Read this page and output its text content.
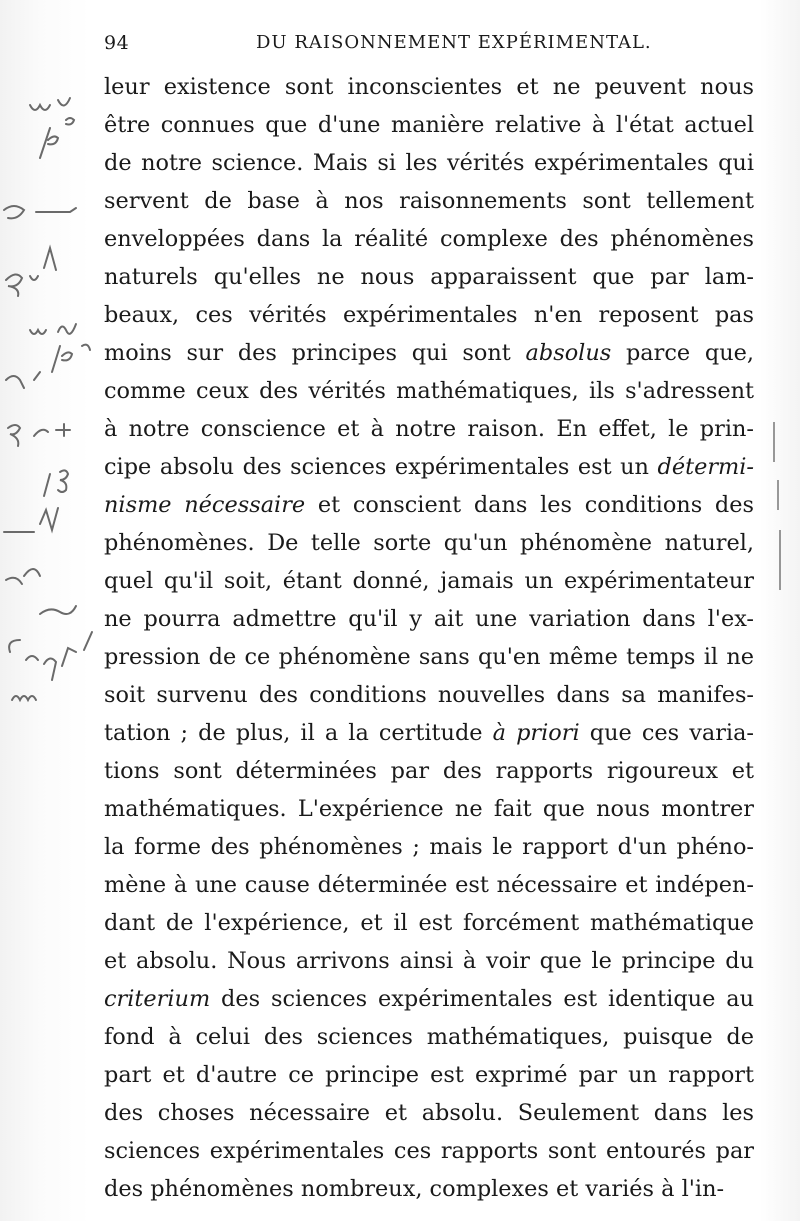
94	DU RAISONNEMENT EXPÉRIMENTAL.
leur existence sont inconscientes et ne peuvent nous
être connues que d'une manière relative à l'état actuel
de notre science. Mais si les vérités expérimentales qui
servent de base à nos raisonnements sont tellement
enveloppées dans la réalité complexe des phénomènes
naturels qu'elles ne nous apparaissent que par lam-
beaux, ces vérités expérimentales n'en reposent pas
moins sur des principes qui sont absolus parce que,
comme ceux des vérités mathématiques, ils s'adressent
à notre conscience et à notre raison. En effet, le prin-
cipe absolu des sciences expérimentales est un détermi-
nisme nécessaire et conscient dans les conditions des
phénomènes. De telle sorte qu'un phénomène naturel,
quel qu'il soit, étant donné, jamais un expérimentateur
ne pourra admettre qu'il y ait une variation dans l'ex-
pression de ce phénomène sans qu'en même temps il ne
soit survenu des conditions nouvelles dans sa manifes-
tation ; de plus, il a la certitude à priori que ces varia-
tions sont déterminées par des rapports rigoureux et
mathématiques. L'expérience ne fait que nous montrer
la forme des phénomènes ; mais le rapport d'un phéno-
mène à une cause déterminée est nécessaire et indépen-
dant de l'expérience, et il est forcément mathématique
et absolu. Nous arrivons ainsi à voir que le principe du
criterium des sciences expérimentales est identique au
fond à celui des sciences mathématiques, puisque de
part et d'autre ce principe est exprimé par un rapport
des choses nécessaire et absolu. Seulement dans les
sciences expérimentales ces rapports sont entourés par
des phénomènes nombreux, complexes et variés à l'in-
